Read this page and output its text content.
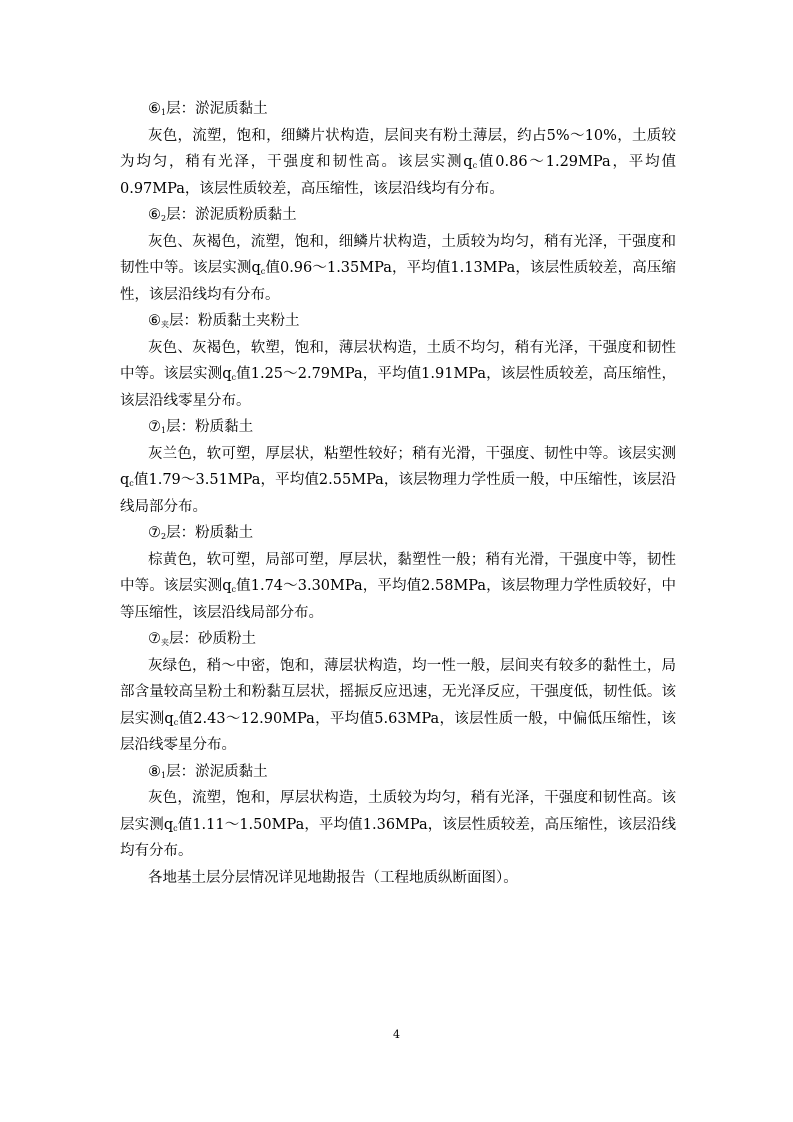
$⑥_1$层：淤泥质黏土

灰色，流塑，饱和，细鳞片状构造，层间夹有粉土薄层，约占5%～10%，土质较为均匀，稍有光泽，干强度和韧性高。该层实测$q_c$值0.86～1.29MPa，平均值0.97MPa，该层性质较差，高压缩性，该层沿线均有分布。

$⑥_2$层：淤泥质粉质黏土

灰色、灰褐色，流塑，饱和，细鳞片状构造，土质较为均匀，稍有光泽，干强度和韧性中等。该层实测$q_c$值0.96～1.35MPa，平均值1.13MPa，该层性质较差，高压缩性，该层沿线均有分布。

$⑥_夹$层：粉质黏土夹粉土

灰色、灰褐色，软塑，饱和，薄层状构造，土质不均匀，稍有光泽，干强度和韧性中等。该层实测$q_c$值1.25～2.79MPa，平均值1.91MPa，该层性质较差，高压缩性，该层沿线零星分布。

$⑦_1$层：粉质黏土

灰兰色，软可塑，厚层状，粘塑性较好；稍有光滑，干强度、韧性中等。该层实测$q_c$值1.79～3.51MPa，平均值2.55MPa，该层物理力学性质一般，中压缩性，该层沿线局部分布。

$⑦_2$层：粉质黏土

棕黄色，软可塑，局部可塑，厚层状，黏塑性一般；稍有光滑，干强度中等，韧性中等。该层实测$q_c$值1.74～3.30MPa，平均值2.58MPa，该层物理力学性质较好，中等压缩性，该层沿线局部分布。

$⑦_夹$层：砂质粉土

灰绿色，稍～中密，饱和，薄层状构造，均一性一般，层间夹有较多的黏性土，局部含量较高呈粉土和粉黏互层状，摇振反应迅速，无光泽反应，干强度低，韧性低。该层实测$q_c$值2.43～12.90MPa，平均值5.63MPa，该层性质一般，中偏低压缩性，该层沿线零星分布。

$⑧_1$层：淤泥质黏土

灰色，流塑，饱和，厚层状构造，土质较为均匀，稍有光泽，干强度和韧性高。该层实测$q_c$值1.11～1.50MPa，平均值1.36MPa，该层性质较差，高压缩性，该层沿线均有分布。

各地基土层分层情况详见地勘报告（工程地质纵断面图）。

4
